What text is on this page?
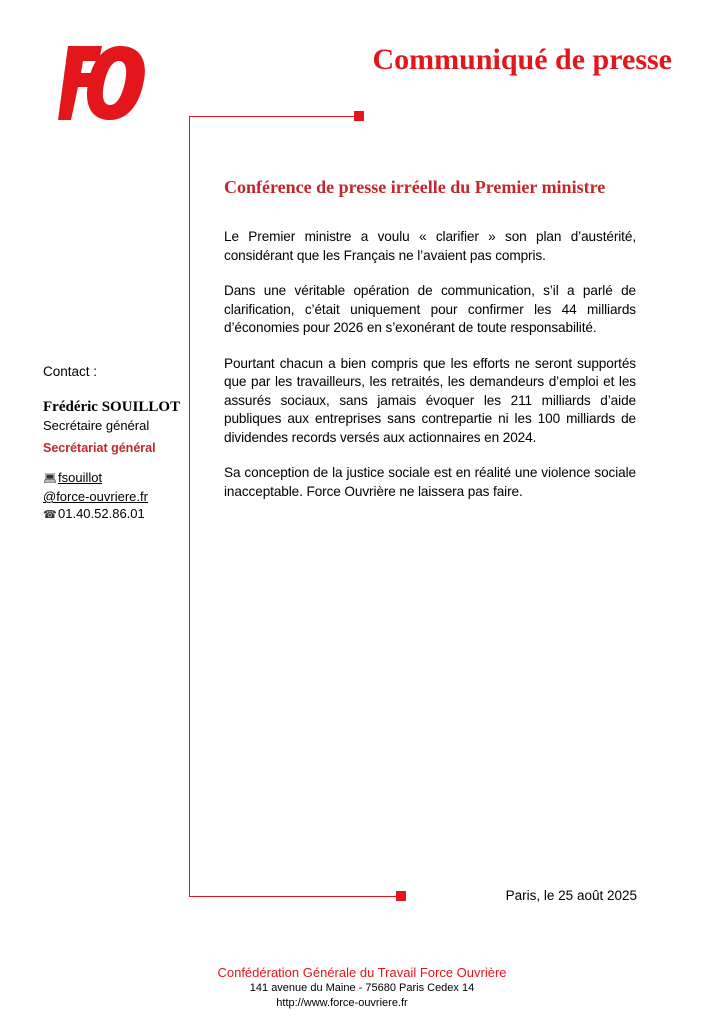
Communiqué de presse
Conférence de presse irréelle du Premier ministre

Le Premier ministre a voulu « clarifier » son plan d’austérité, considérant que les Français ne l’avaient pas compris.

Dans une véritable opération de communication, s’il a parlé de clarification, c’était uniquement pour confirmer les 44 milliards d’économies pour 2026 en s’exonérant de toute responsabilité.

Pourtant chacun a bien compris que les efforts ne seront supportés que par les travailleurs, les retraités, les demandeurs d’emploi et les assurés sociaux, sans jamais évoquer les 211 milliards d’aide publiques aux entreprises sans contrepartie ni les 100 milliards de dividendes records versés aux actionnaires en 2024.

Sa conception de la justice sociale est en réalité une violence sociale inacceptable. Force Ouvrière ne laissera pas faire.

Contact :

Frédéric SOUILLOT

Secrétaire général

Secrétariat général

💻︎fsouillot
@force-ouvriere.fr
☎︎01.40.52.86.01
Paris, le 25 août 2025

Confédération Générale du Travail Force Ouvrière

141 avenue du Maine - 75680 Paris Cedex 14

http://www.force-ouvriere.fr
